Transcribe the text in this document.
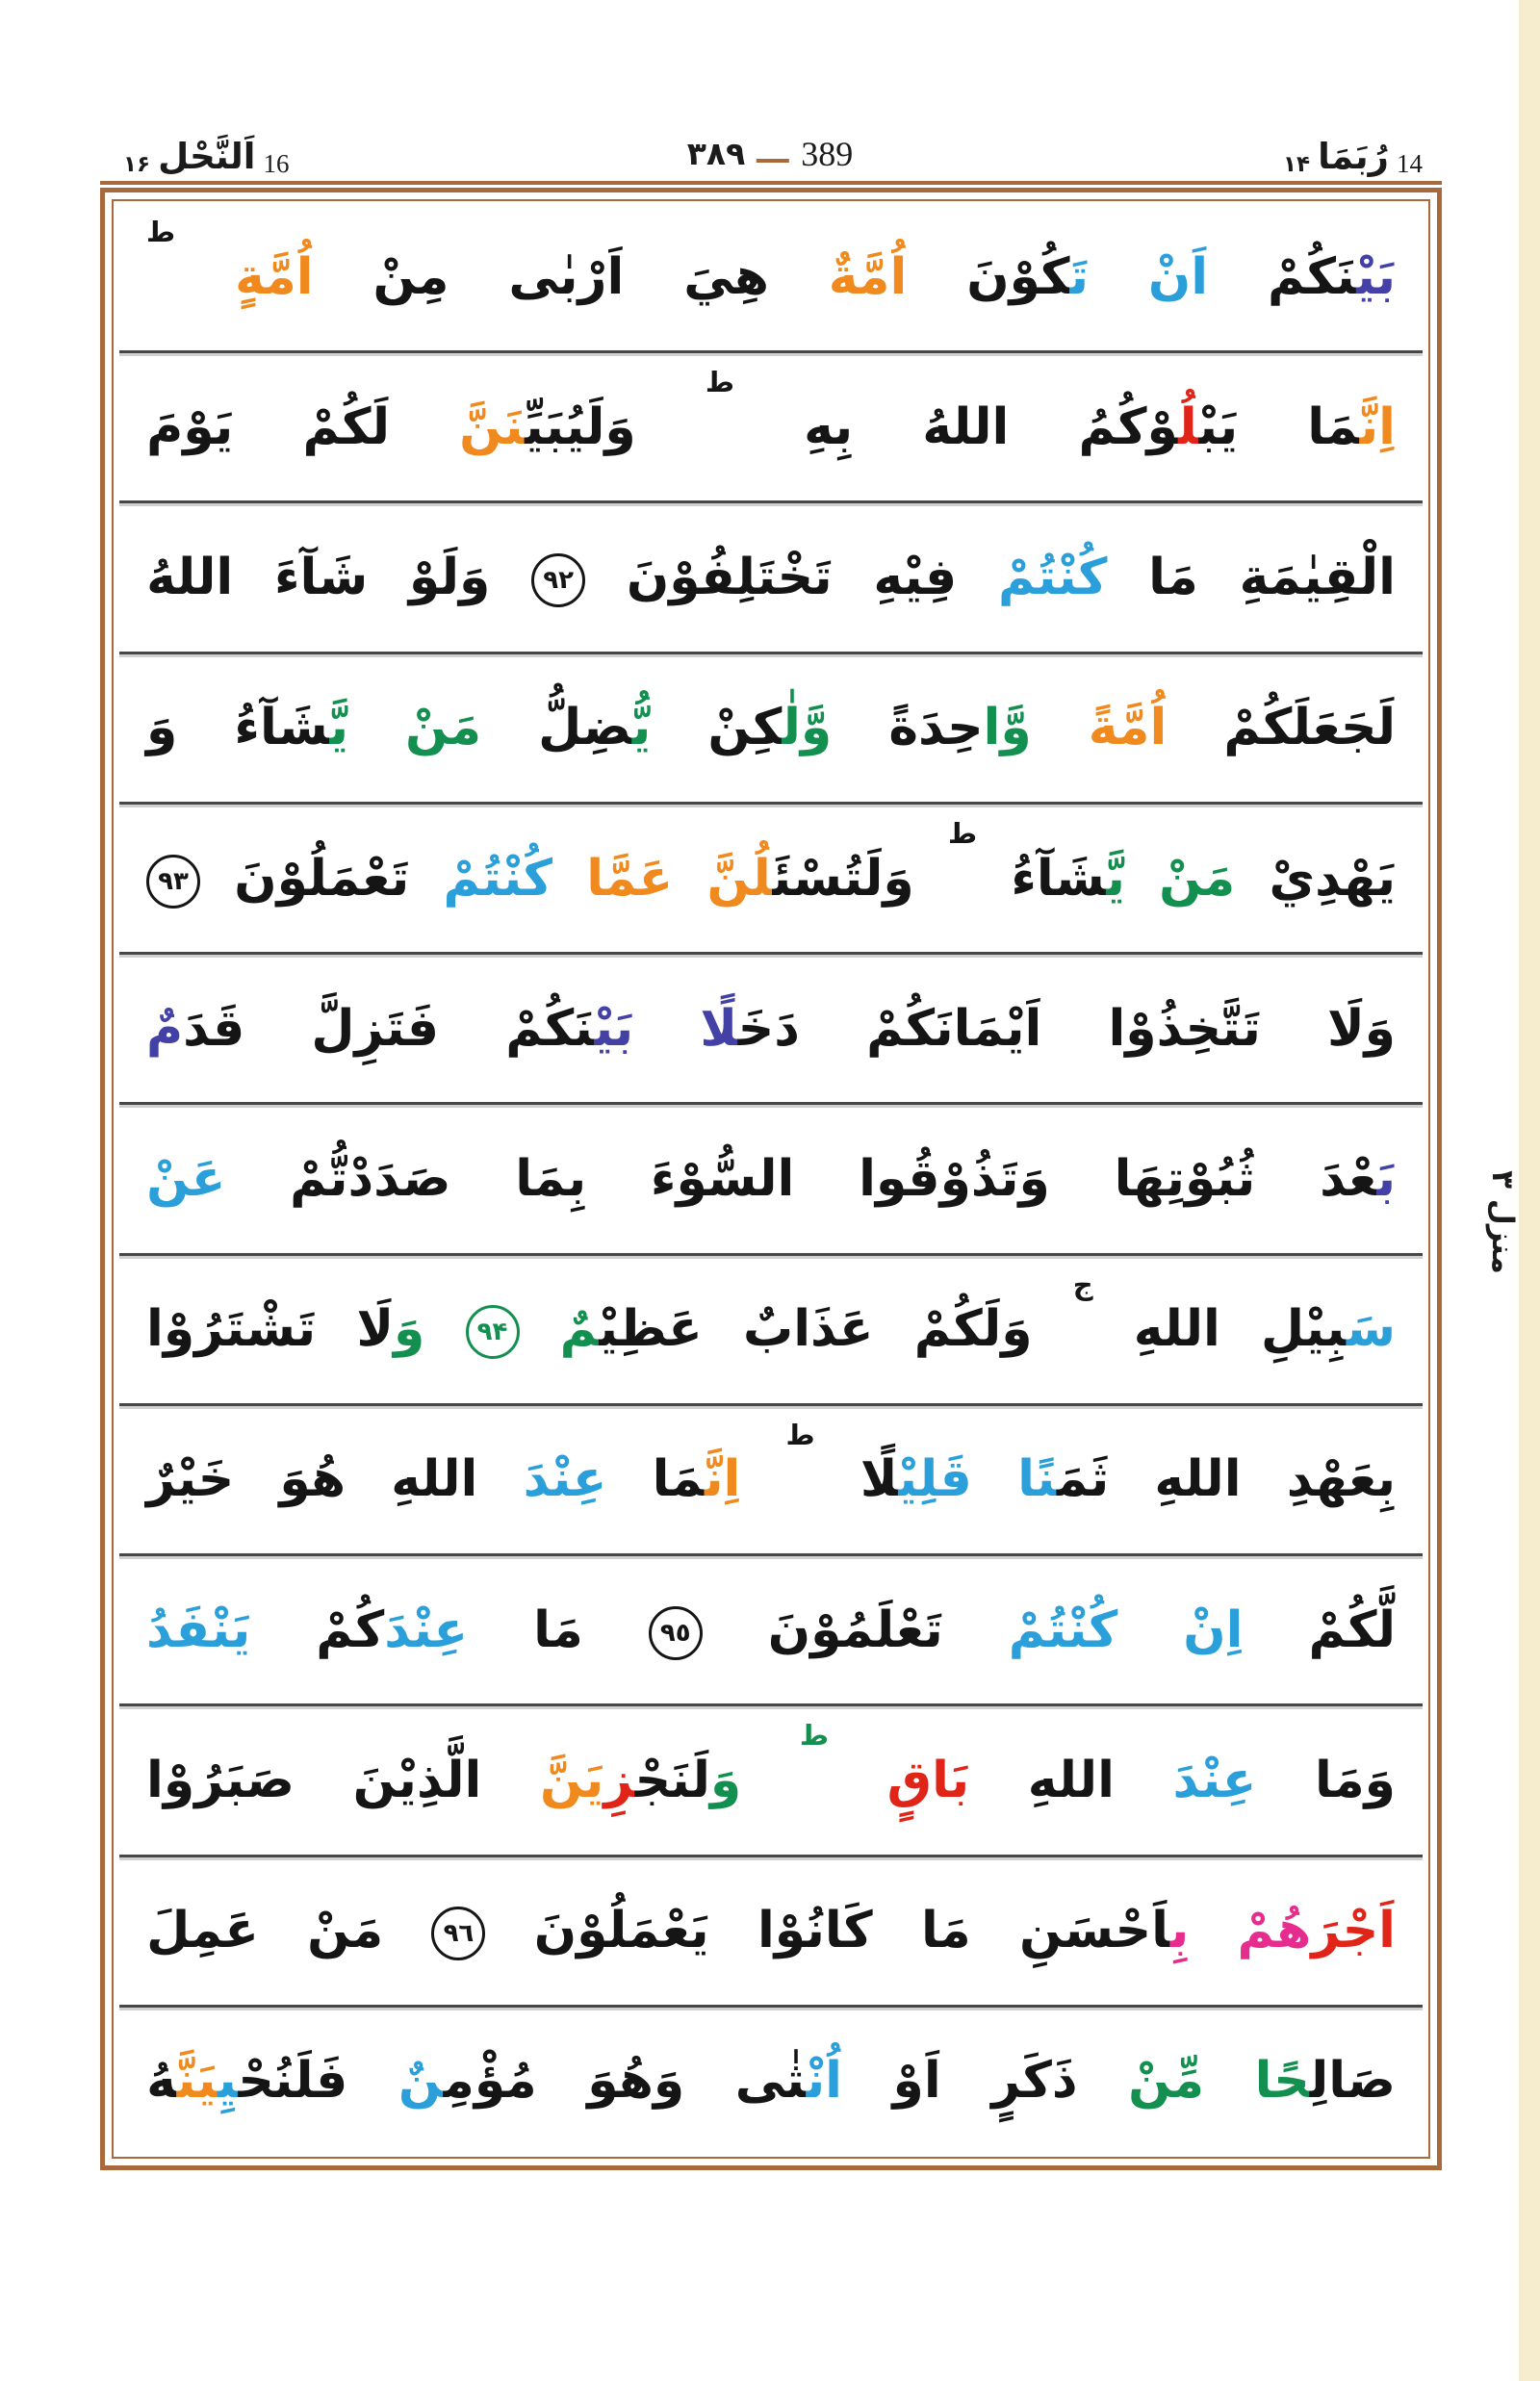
١۶ اَلنَّحْل 16	۳۸۹ 389	١۴ رُبَمَا 14
بَيْنَكُمْ
اَنْ
تَكُوْنَ
اُمَّةٌ
هِيَ
اَرْبٰى
مِنْ
اُمَّةٍ
ط
اِنَّمَا
يَبْلُوْكُمُ
اللهُ
بِهِ
ط
وَلَيُبَيِّنَنَّ
لَكُمْ
يَوْمَ
الْقِيٰمَةِ
مَا
كُنْتُمْ
فِيْهِ
تَخْتَلِفُوْنَ
٩٢
وَلَوْ
شَآءَ
اللهُ
لَجَعَلَكُمْ
اُمَّةً
وَّاحِدَةً
وَّلٰكِنْ
يُّضِلُّ
مَنْ
يَّشَآءُ
وَ
يَهْدِيْ
مَنْ
يَّشَآءُ
ط
وَلَتُسْئَلُنَّ
عَمَّا
كُنْتُمْ
تَعْمَلُوْنَ
٩٣
وَلَا
تَتَّخِذُوْا
اَيْمَانَكُمْ
دَخَلًا
بَيْنَكُمْ
فَتَزِلَّ
قَدَمٌ
بَعْدَ
ثُبُوْتِهَا
وَتَذُوْقُوا
السُّوْءَ
بِمَا
صَدَدْتُّمْ
عَنْ
سَبِيْلِ
اللهِ
ج
وَلَكُمْ
عَذَابٌ
عَظِيْمٌ
٩۴
وَلَا
تَشْتَرُوْا
بِعَهْدِ
اللهِ
ثَمَنًا
قَلِيْلًا
ط
اِنَّمَا
عِنْدَ
اللهِ
هُوَ
خَيْرٌ
لَّكُمْ
اِنْ
كُنْتُمْ
تَعْلَمُوْنَ
٩٥
مَا
عِنْدَكُمْ
يَنْفَدُ
وَمَا
عِنْدَ
اللهِ
بَاقٍ
ط
وَلَنَجْزِيَنَّ
الَّذِيْنَ
صَبَرُوْا
اَجْرَهُمْ
بِاَحْسَنِ
مَا
كَانُوْا
يَعْمَلُوْنَ
٩٦
مَنْ
عَمِلَ
صَالِحًا
مِّنْ
ذَكَرٍ
اَوْ
اُنْثٰى
وَهُوَ
مُؤْمِنٌ
فَلَنُحْيِيَنَّهُ
منزل ۳
